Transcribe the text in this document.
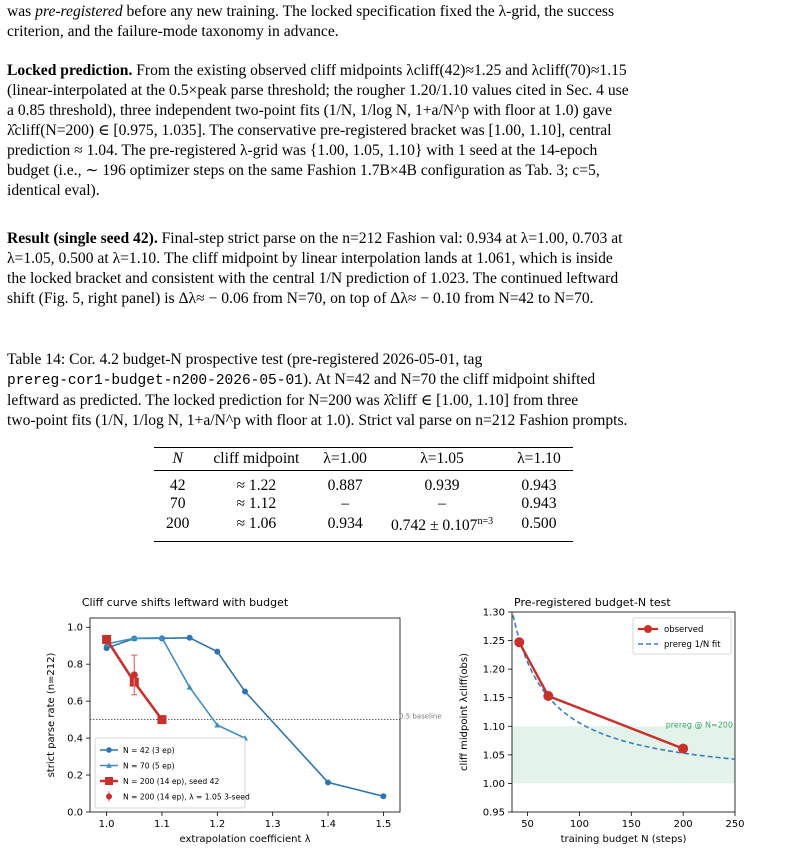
was pre-registered before any new training. The locked specification fixed the λ-grid, the success
criterion, and the failure-mode taxonomy in advance.

Locked prediction. From the existing observed cliff midpoints λcliff(42)≈1.25 and λcliff(70)≈1.15
(linear-interpolated at the 0.5×peak parse threshold; the rougher 1.20/1.10 values cited in Sec. 4 use
a 0.85 threshold), three independent two-point fits (1/N, 1/log N, 1+a/N^p with floor at 1.0) gave
λ̂cliff(N=200) ∈ [0.975, 1.035]. The conservative pre-registered bracket was [1.00, 1.10], central
prediction ≈ 1.04. The pre-registered λ-grid was {1.00, 1.05, 1.10} with 1 seed at the 14-epoch
budget (i.e., ∼ 196 optimizer steps on the same Fashion 1.7B×4B configuration as Tab. 3; c=5,
identical eval).

Result (single seed 42). Final-step strict parse on the n=212 Fashion val: 0.934 at λ=1.00, 0.703 at
λ=1.05, 0.500 at λ=1.10. The cliff midpoint by linear interpolation lands at 1.061, which is inside
the locked bracket and consistent with the central 1/N prediction of 1.023. The continued leftward
shift (Fig. 5, right panel) is Δλ≈ − 0.06 from N=70, on top of Δλ≈ − 0.10 from N=42 to N=70.

Table 14: Cor. 4.2 budget-N prospective test (pre-registered 2026-05-01, tag
prereg-cor1-budget-n200-2026-05-01). At N=42 and N=70 the cliff midpoint shifted
leftward as predicted. The locked prediction for N=200 was λ̂cliff ∈ [1.00, 1.10] from three
two-point fits (1/N, 1/log N, 1+a/N^p with floor at 1.0). Strict val parse on n=212 Fashion prompts.

N	cliff midpoint	λ=1.00	λ=1.05	λ=1.10
42	≈ 1.22	0.887	0.939	0.943
70	≈ 1.12	–	–	0.943
200	≈ 1.06	0.934	$0.742 \pm 0.107^{n=3}$	0.500
Cliff curve shifts leftward with budget
1.0	1.1	1.2	1.3	1.4	1.5
0.0
0.2
0.4
0.6
0.8
1.0
extrapolation coefficient λ
strict parse rate (n=212)	0.5 baseline
N = 42 (3 ep)
N = 70 (5 ep)
N = 200 (14 ep), seed 42
N = 200 (14 ep), λ = 1.05 3-seed
Pre-registered budget-N test
prereg @ N=200
50	100	150	200	250
0.95
1.00
1.05
1.10
1.15
1.20
1.25
1.30
training budget N (steps)
cliff midpoint λcliff(obs)
observed
prereg 1/N fit
